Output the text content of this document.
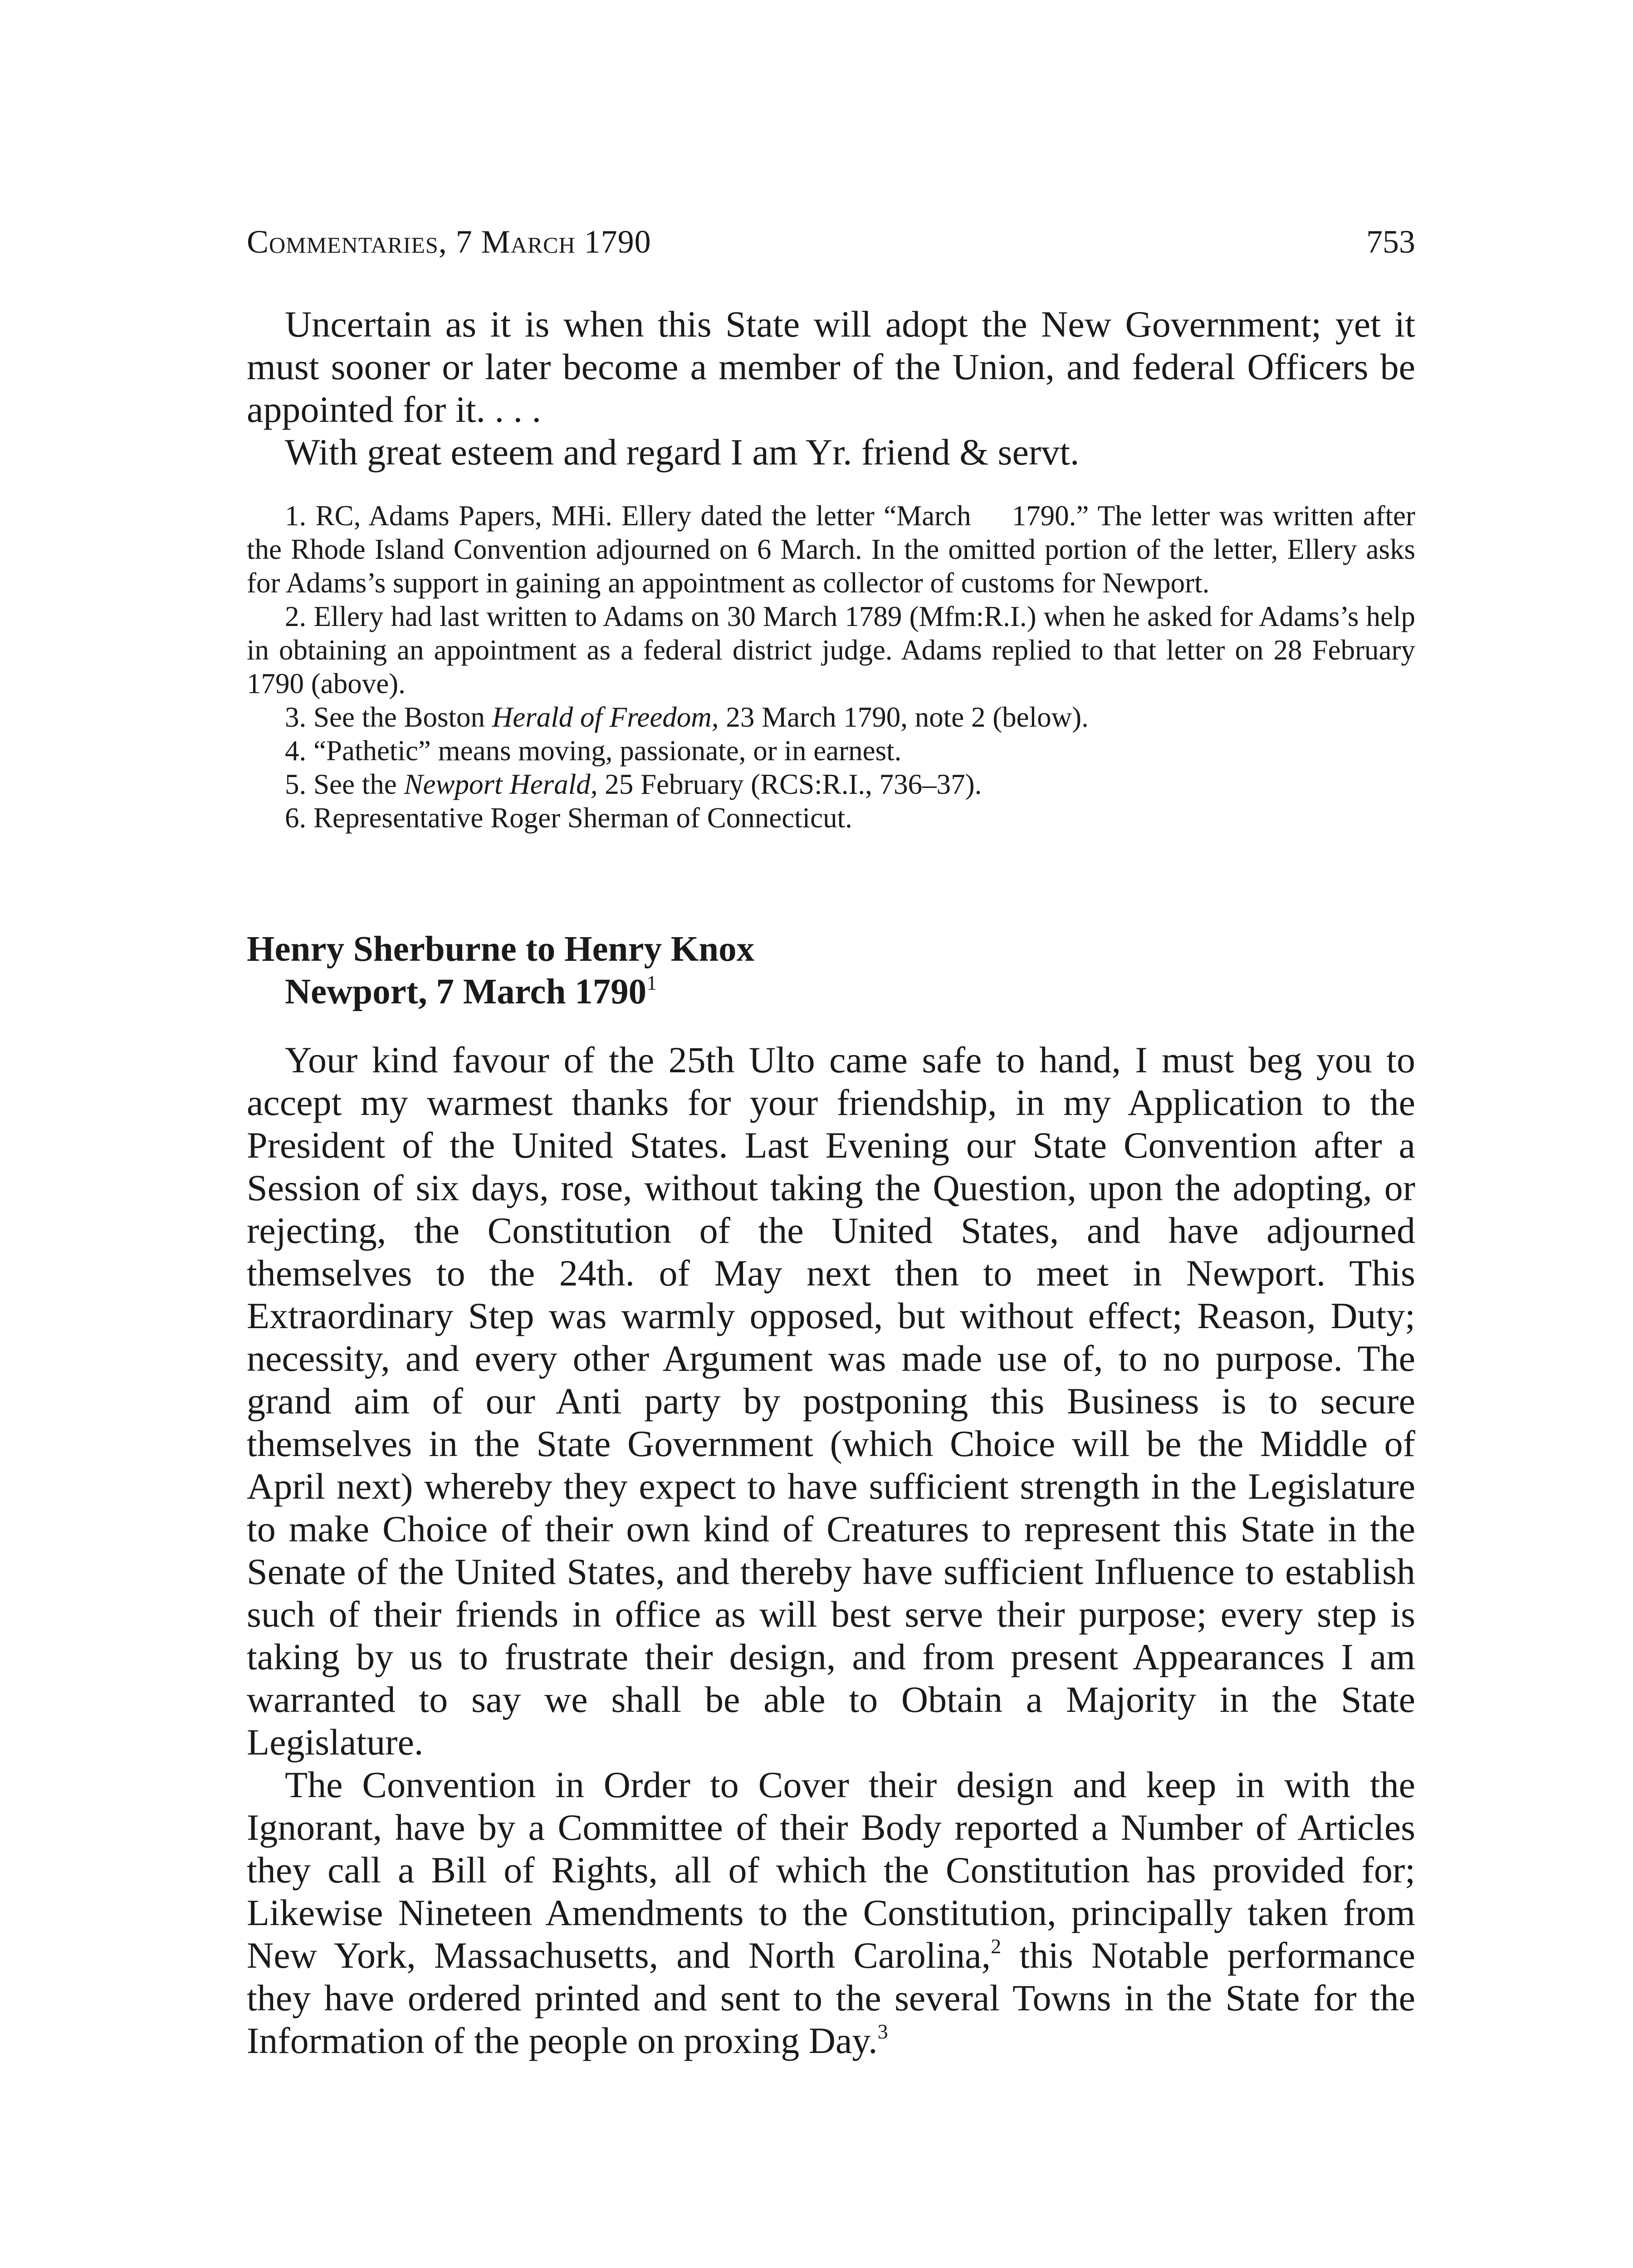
Commentaries, 7 March 1790	753

Uncertain as it is when this State will adopt the New Government; yet it must sooner or later become a member of the Union, and federal Officers be appointed for it. . . .

With great esteem and regard I am Yr. friend & servt.

1. RC, Adams Papers, MHi. Ellery dated the letter “March 1790.” The letter was written after the Rhode Island Convention adjourned on 6 March. In the omitted portion of the letter, Ellery asks for Adams’s support in gaining an appointment as collector of customs for Newport.

2. Ellery had last written to Adams on 30 March 1789 (Mfm:R.I.) when he asked for Adams’s help in obtaining an appointment as a federal district judge. Adams replied to that letter on 28 February 1790 (above).

3. See the Boston Herald of Freedom, 23 March 1790, note 2 (below).

4. “Pathetic” means moving, passionate, or in earnest.

5. See the Newport Herald, 25 February (RCS:R.I., 736–37).

6. Representative Roger Sherman of Connecticut.

Henry Sherburne to Henry Knox
Newport, 7 March 1790$^1$

Your kind favour of the 25th Ulto came safe to hand, I must beg you to accept my warmest thanks for your friendship, in my Application to the President of the United States. Last Evening our State Convention after a Session of six days, rose, without taking the Question, upon the adopting, or rejecting, the Constitution of the United States, and have adjourned themselves to the 24th. of May next then to meet in Newport. This Extraordinary Step was warmly opposed, but without effect; Reason, Duty; necessity, and every other Argument was made use of, to no purpose. The grand aim of our Anti party by postponing this Business is to secure themselves in the State Government (which Choice will be the Middle of April next) whereby they expect to have sufficient strength in the Legislature to make Choice of their own kind of Creatures to represent this State in the Senate of the United States, and thereby have sufficient Influence to establish such of their friends in office as will best serve their purpose; every step is taking by us to frustrate their design, and from present Appearances I am warranted to say we shall be able to Obtain a Majority in the State Legislature.

The Convention in Order to Cover their design and keep in with the Ignorant, have by a Committee of their Body reported a Number of Articles they call a Bill of Rights, all of which the Constitution has provided for; Likewise Nineteen Amendments to the Constitution, principally taken from New York, Massachusetts, and North Carolina,$^2$ this Notable performance they have ordered printed and sent to the several Towns in the State for the Information of the people on proxing Day.$^3$
